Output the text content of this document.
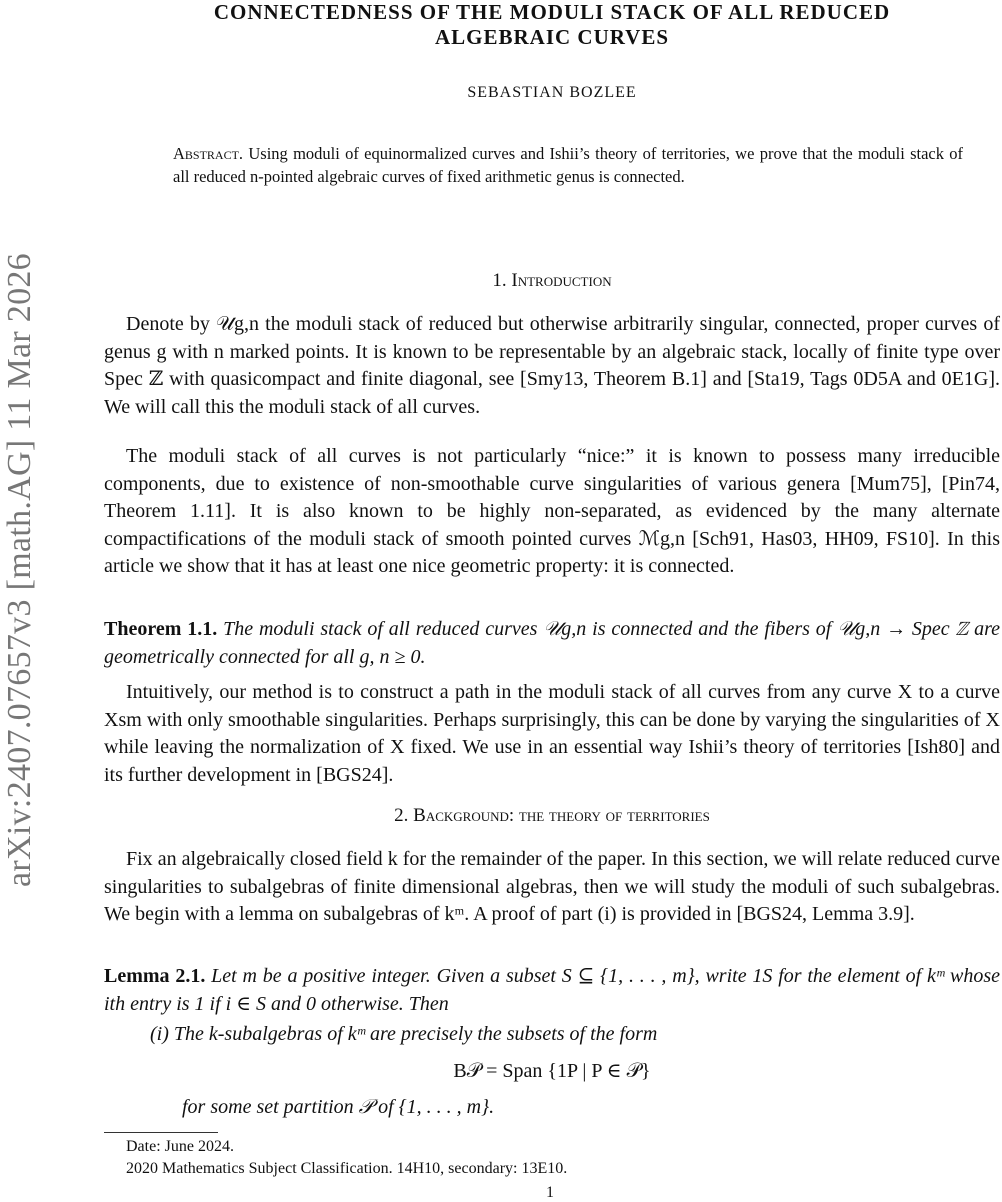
arXiv:2407.07657v3 [math.AG] 11 Mar 2026
CONNECTEDNESS OF THE MODULI STACK OF ALL REDUCED
ALGEBRAIC CURVES
SEBASTIAN BOZLEE
Abstract. Using moduli of equinormalized curves and Ishii’s theory of territories, we prove that the moduli stack of all reduced n-pointed algebraic curves of fixed arithmetic genus is connected.
1. Introduction
Denote by 𝒰g,n the moduli stack of reduced but otherwise arbitrarily singular, connected, proper curves of genus g with n marked points. It is known to be representable by an algebraic stack, locally of finite type over Spec ℤ with quasicompact and finite diagonal, see [Smy13, Theorem B.1] and [Sta19, Tags 0D5A and 0E1G]. We will call this the moduli stack of all curves.
The moduli stack of all curves is not particularly “nice:” it is known to possess many irreducible components, due to existence of non-smoothable curve singularities of various genera [Mum75], [Pin74, Theorem 1.11]. It is also known to be highly non-separated, as evidenced by the many alternate compactifications of the moduli stack of smooth pointed curves ℳg,n [Sch91, Has03, HH09, FS10]. In this article we show that it has at least one nice geometric property: it is connected.
Theorem 1.1. The moduli stack of all reduced curves 𝒰g,n is connected and the fibers of 𝒰g,n → Spec ℤ are geometrically connected for all g, n ≥ 0.
Intuitively, our method is to construct a path in the moduli stack of all curves from any curve X to a curve Xsm with only smoothable singularities. Perhaps surprisingly, this can be done by varying the singularities of X while leaving the normalization of X fixed. We use in an essential way Ishii’s theory of territories [Ish80] and its further development in [BGS24].
2. Background: the theory of territories
Fix an algebraically closed field k for the remainder of the paper. In this section, we will relate reduced curve singularities to subalgebras of finite dimensional algebras, then we will study the moduli of such subalgebras. We begin with a lemma on subalgebras of kᵐ. A proof of part (i) is provided in [BGS24, Lemma 3.9].
Lemma 2.1. Let m be a positive integer. Given a subset S ⊆ {1, . . . , m}, write 1S for the element of kᵐ whose ith entry is 1 if i ∈ S and 0 otherwise. Then
(i) The k-subalgebras of kᵐ are precisely the subsets of the form
B𝒫 = Span {1P | P ∈ 𝒫}
for some set partition 𝒫 of {1, . . . , m}.
Date: June 2024.
2020 Mathematics Subject Classification. 14H10, secondary: 13E10.
1
